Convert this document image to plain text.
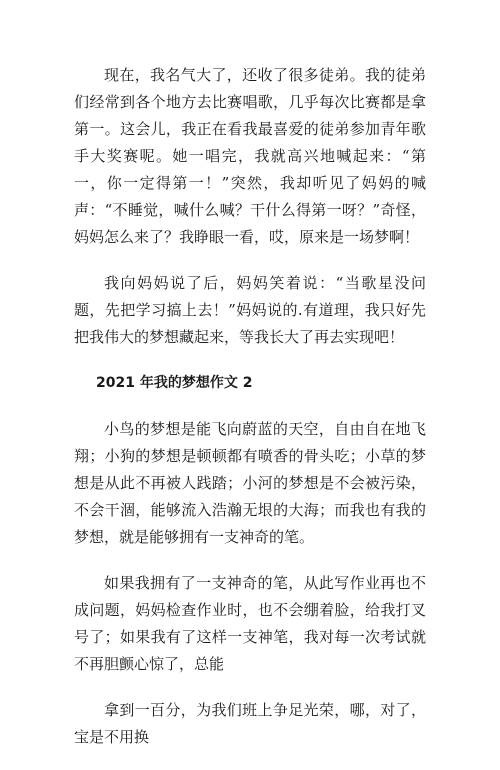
现在，我名气大了，还收了很多徒弟。我的徒弟们经常到各个地方去比赛唱歌，几乎每次比赛都是拿第一。这会儿，我正在看我最喜爱的徒弟参加青年歌手大奖赛呢。她一唱完，我就高兴地喊起来：“第一，你一定得第一！”突然，我却听见了妈妈的喊声：“不睡觉，喊什么喊？干什么得第一呀？”奇怪，妈妈怎么来了？我睁眼一看，哎，原来是一场梦啊！

我向妈妈说了后，妈妈笑着说：“当歌星没问题，先把学习搞上去！”妈妈说的.有道理，我只好先把我伟大的梦想藏起来，等我长大了再去实现吧！

2021 年我的梦想作文 2

小鸟的梦想是能飞向蔚蓝的天空，自由自在地飞翔；小狗的梦想是顿顿都有喷香的骨头吃；小草的梦想是从此不再被人践踏；小河的梦想是不会被污染，不会干涸，能够流入浩瀚无垠的大海；而我也有我的梦想，就是能够拥有一支神奇的笔。

如果我拥有了一支神奇的笔，从此写作业再也不成问题，妈妈检查作业时，也不会绷着脸，给我打叉号了；如果我有了这样一支神笔，我对每一次考试就不再胆颤心惊了，总能

拿到一百分，为我们班上争足光荣，哪，对了，宝是不用换
